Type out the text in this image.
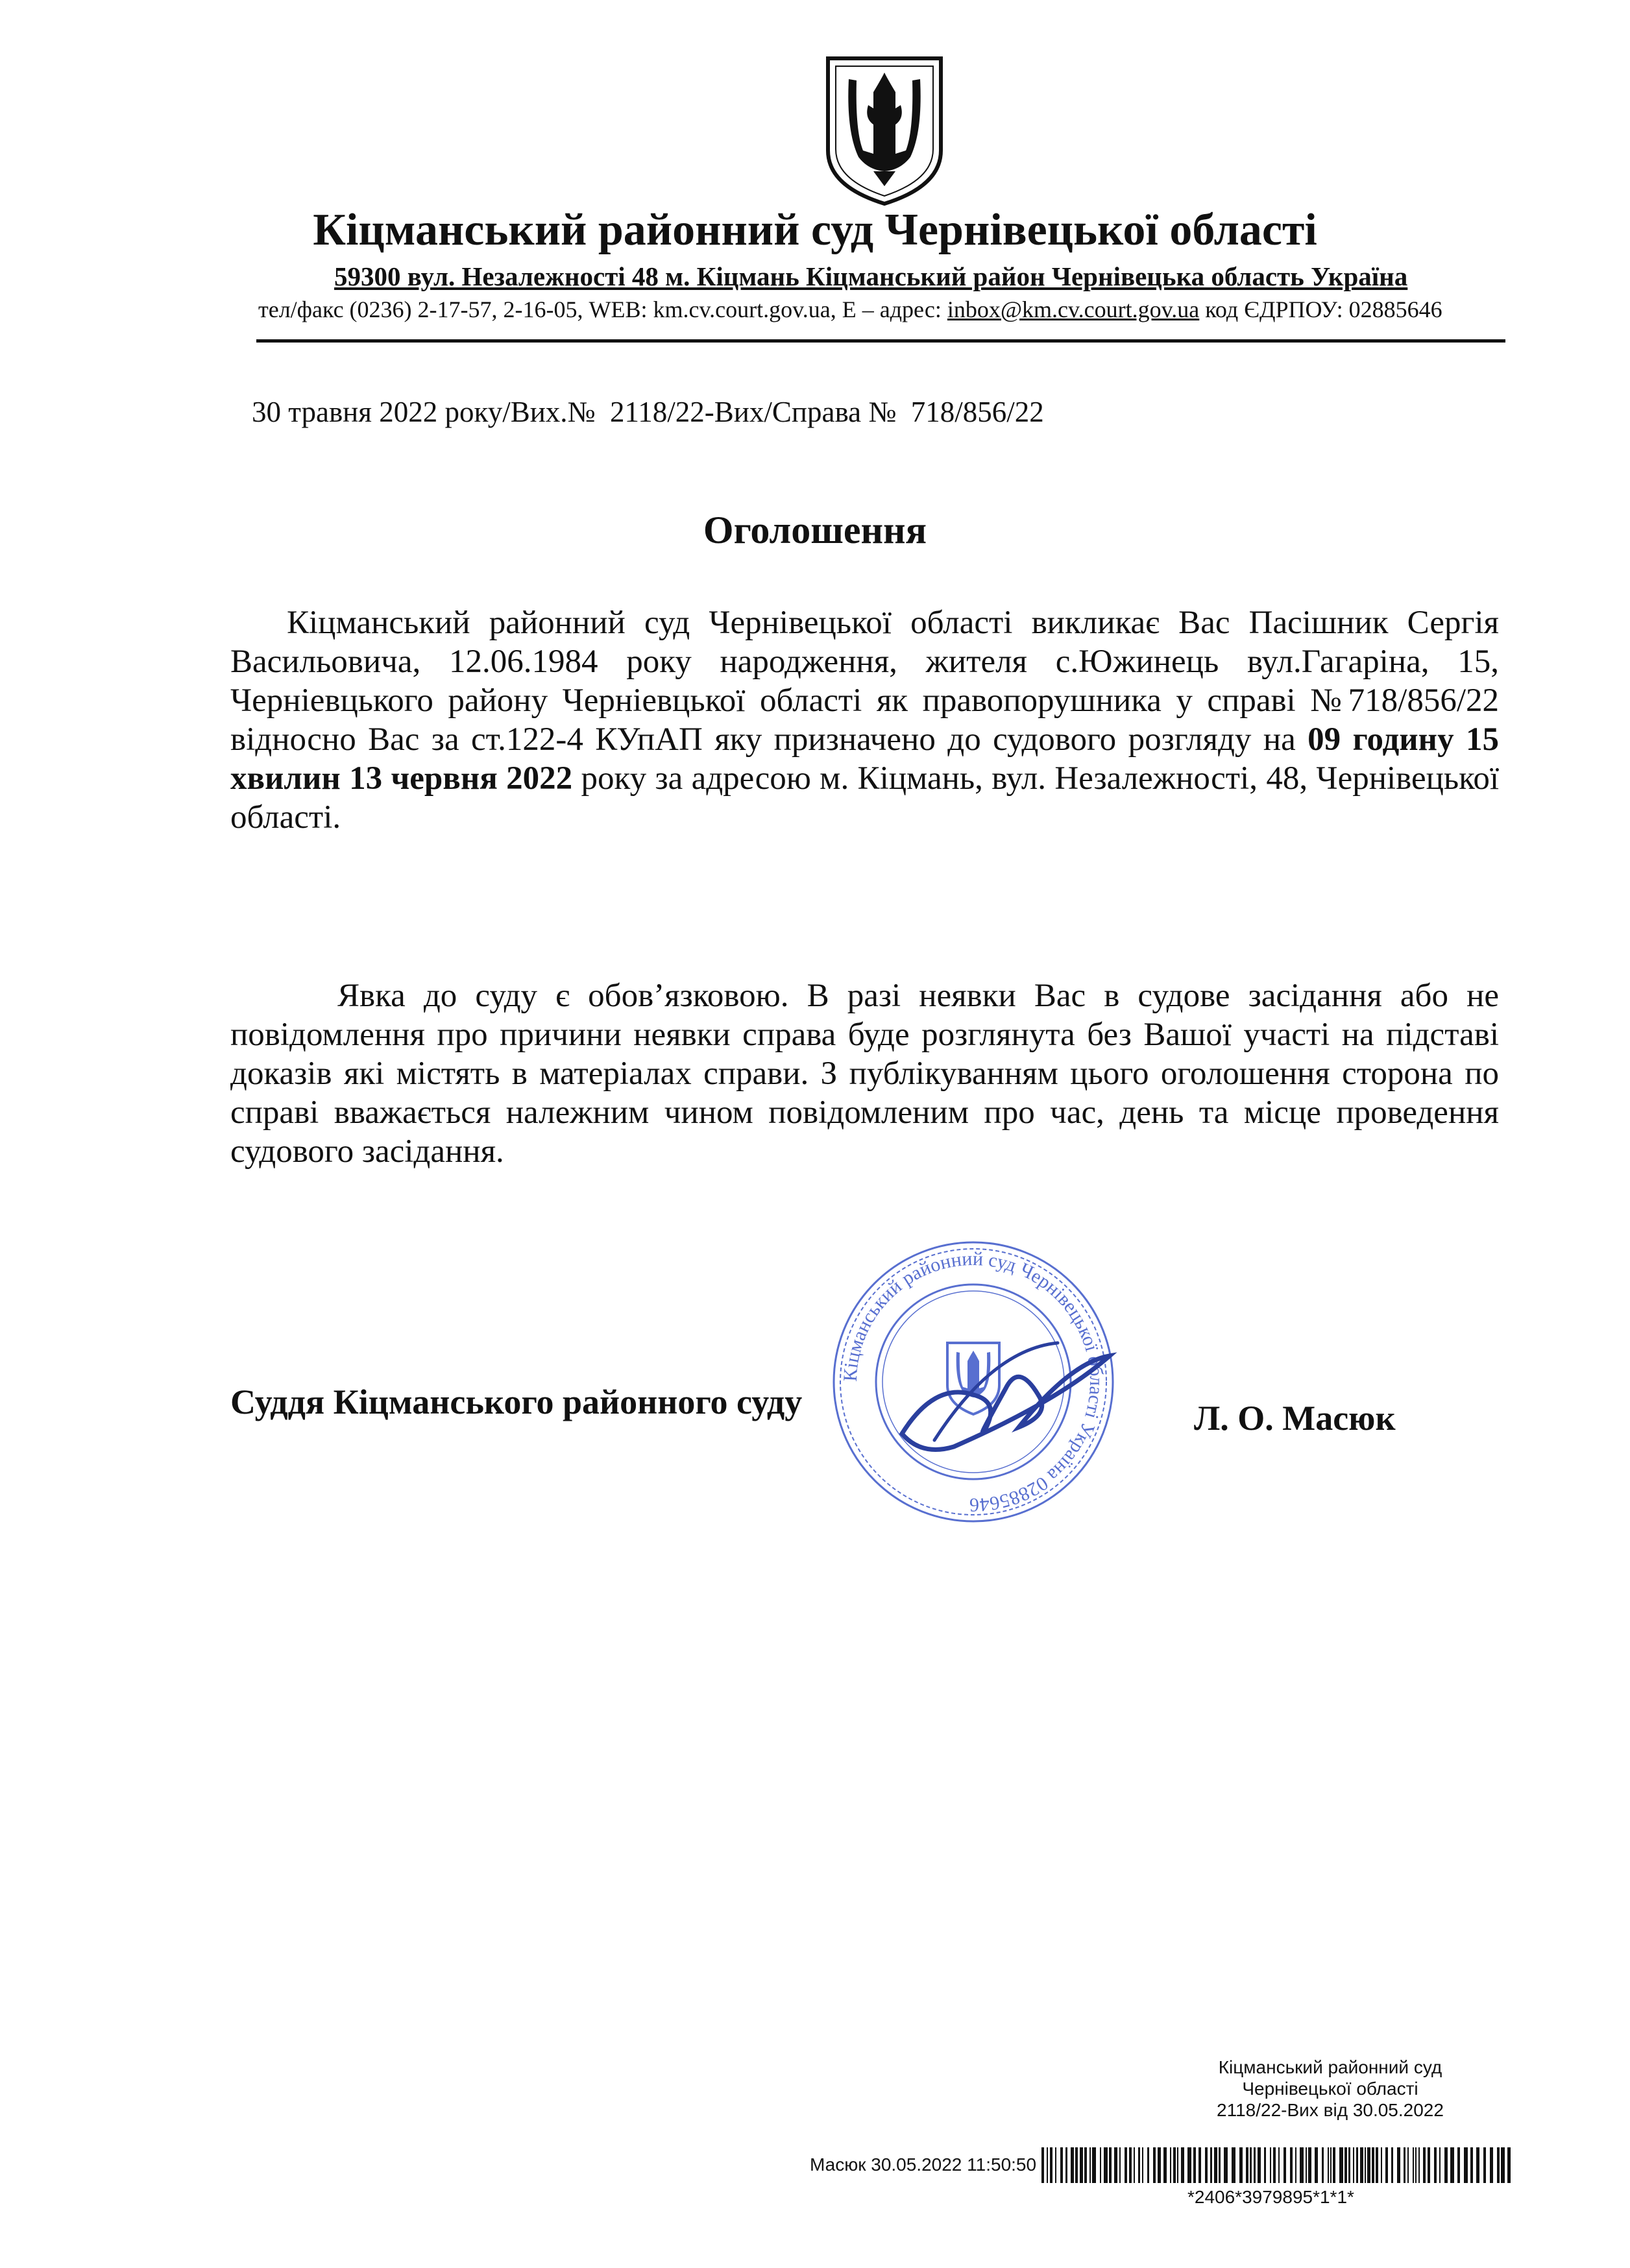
Кіцманський районний суд Чернівецької області
59300 вул. Незалежності 48 м. Кіцмань Кіцманський район Чернівецька область Україна
тел/факс (0236) 2-17-57, 2-16-05, WEB: km.cv.court.gov.ua, E – адрес: inbox@km.cv.court.gov.ua код ЄДРПОУ: 02885646
30 травня 2022 року/Вих.№  2118/22-Вих/Справа №  718/856/22
Оголошення
Кіцманський районний суд Чернівецької області викликає Вас Пасішник Сергія Васильовича, 12.06.1984 року народження, жителя с.Южинець вул.Гагаріна, 15, Черніевцького району Черніевцької області як правопорушника у справі №718/856/22 відносно Вас за ст.122-4 КУпАП яку призначено до судового розгляду на 09 годину 15 хвилин 13 червня 2022 року за адресою м. Кіцмань, вул. Незалежності, 48, Чернівецької області.
Явка до суду є обов’язковою. В разі неявки Вас в судове засідання або не повідомлення про причини неявки справа буде розглянута без Вашої участі на підставі доказів які містять в матеріалах справи. З публікуванням цього оголошення сторона по справі вважається належним чином повідомленим про час, день та місце проведення судового засідання.
Кіцманський районний суд Чернівецької області Україна 02885646
Суддя Кіцманського районного суду	Л. О. Масюк
Кіцманський районний суд
Чернівецької області
2118/22-Вих від 30.05.2022
Масюк 30.05.2022 11:50:50
*2406*3979895*1*1*
